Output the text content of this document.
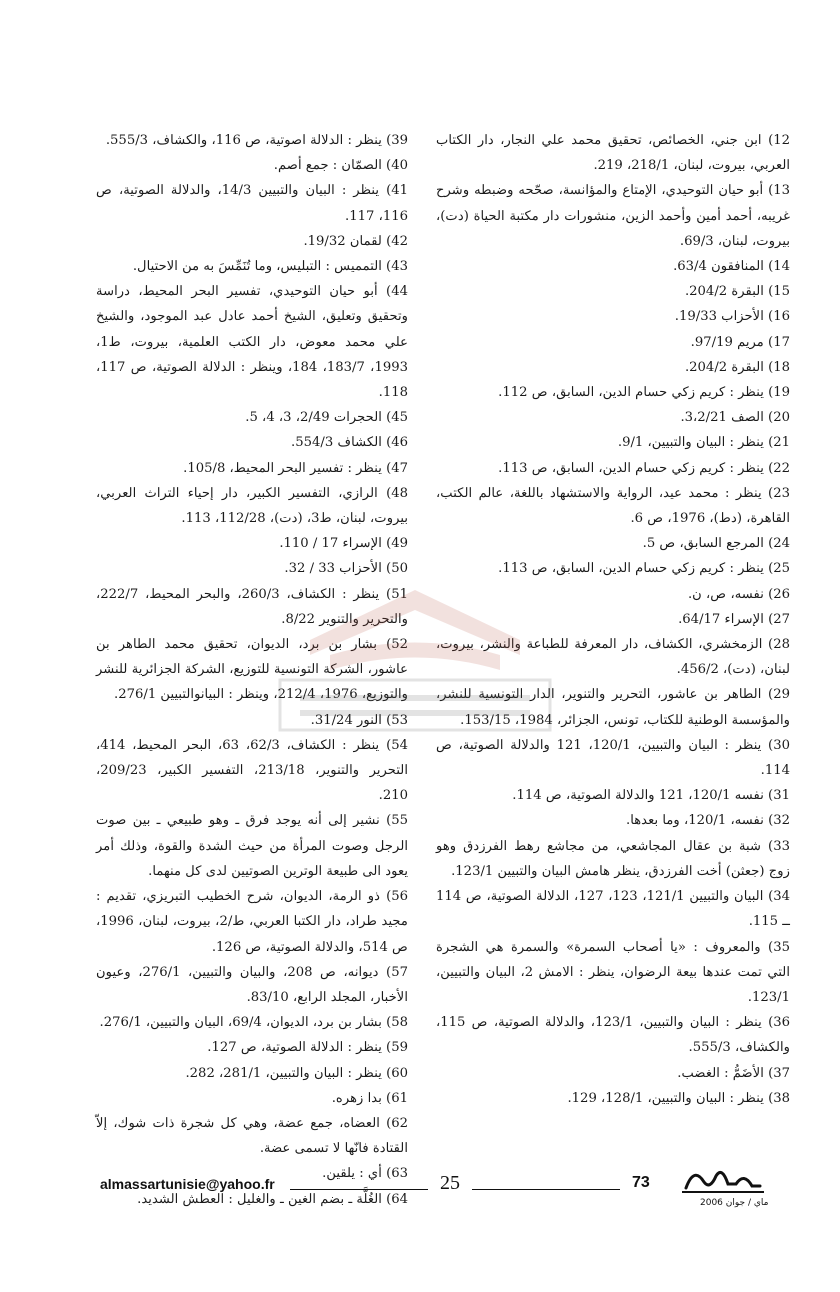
12) ابن جني، الخصائص، تحقيق محمد علي النجار، دار الكتاب العربي، بيروت، لبنان، 218/1، 219.

13) أبو حيان التوحيدي، الإمتاع والمؤانسة، صحّحه وضبطه وشرح غريبه، أحمد أمين وأحمد الزين، منشورات دار مكتبة الحياة (دت)، بيروت، لبنان، 69/3.

14) المنافقون 63/4.

15) البقرة 204/2.

16) الأحزاب 19/33.

17) مريم 97/19.

18) البقرة 204/2.

19) ينظر : كريم زكي حسام الدين، السابق، ص 112.

20) الصف 3،2/21.

21) ينظر : البيان والتبيين، 9/1.

22) ينظر : كريم زكي حسام الدين، السابق، ص 113.

23) ينظر : محمد عيد، الرواية والاستشهاد باللغة، عالم الكتب، القاهرة، (دط)، 1976، ص 6.

24) المرجع السابق، ص 5.

25) ينظر : كريم زكي حسام الدين، السابق، ص 113.

26) نفسه، ص، ن.

27) الإسراء 64/17.

28) الزمخشري، الكشاف، دار المعرفة للطباعة والنشر، بيروت، لبنان، (دت)، 456/2.

29) الطاهر بن عاشور، التحرير والتنوير، الدار التونسية للنشر، والمؤسسة الوطنية للكتاب، تونس، الجزائر، 1984، 153/15.

30) ينظر : البيان والتبيين، 120/1، 121 والدلالة الصوتية، ص 114.

31) نفسه 120/1، 121 والدلالة الصوتية، ص 114.

32) نفسه، 120/1، وما بعدها.

33) شبة بن عقال المجاشعي، من مجاشع رهط الفرزدق وهو زوج (جعثن) أخت الفرزدق، ينظر هامش البيان والتبيين 123/1.

34) البيان والتبيين 121/1، 123، 127، الدلالة الصوتية، ص 114 ــ 115.

35) والمعروف : «يا أصحاب السمرة» والسمرة هي الشجرة التي تمت عندها بيعة الرضوان، ينظر : الامش 2، البيان والتبيين، 123/1.

36) ينظر : البيان والتبيين، 123/1، والدلالة الصوتية، ص 115، والكشاف، 555/3.

37) الأضَمُّ : الغضب.

38) ينظر : البيان والتبيين، 128/1، 129.

39) ينظر : الدلالة اصوتية، ص 116، والكشاف، 555/3.

40) الصمّان : جمع أصم.

41) ينظر : البيان والتبيين 14/3، والدلالة الصوتية، ص 116، 117.

42) لقمان 19/32.

43) التمميس : التبليس، وما تُنَمِّسَ به من الاحتيال.

44) أبو حيان التوحيدي، تفسير البحر المحيط، دراسة وتحقيق وتعليق، الشيخ أحمد عادل عبد الموجود، والشيخ علي محمد معوض، دار الكتب العلمية، بيروت، ط1، 1993، 183/7، 184، وينظر : الدلالة الصوتية، ص 117، 118.

45) الحجرات 2/49، 3، 4، 5.

46) الكشاف 554/3.

47) ينظر : تفسير البحر المحيط، 105/8.

48) الرازي، التفسير الكبير، دار إحياء التراث العربي، بيروت، لبنان، ط3، (دت)، 112/28، 113.

49) الإسراء 17 / 110.

50) الأحزاب 33 / 32.

51) ينظر : الكشاف، 260/3، والبحر المحيط، 222/7، والتحرير والتنوير 8/22.

52) بشار بن برد، الديوان، تحقيق محمد الطاهر بن عاشور، الشركة التونسية للتوزيع، الشركة الجزائرية للنشر والتوزيع، 1976، 212/4، وينظر : البيانوالتبيين 276/1.

53) النور 31/24.

54) ينظر : الكشاف، 62/3، 63، البحر المحيط، 414، التحرير والتنوير، 213/18، التفسير الكبير، 209/23، 210.

55) نشير إلى أنه يوجد فرق ـ وهو طبيعي ـ بين صوت الرجل وصوت المرأة من حيث الشدة والقوة، وذلك أمر يعود الى طبيعة الوترين الصوتيين لدى كل منهما.

56) ذو الرمة، الديوان، شرح الخطيب التبريزي، تقديم : مجيد طراد، دار الكتبا العربي، ط/2، بيروت، لبنان، 1996، ص 514، والدلالة الصوتية، ص 126.

57) ديوانه، ص 208، والبيان والتبيين، 276/1، وعيون الأخبار، المجلد الرابع، 83/10.

58) بشار بن برد، الديوان، 69/4، البيان والتبيين، 276/1.

59) ينظر : الدلالة الصوتية، ص 127.

60) ينظر : البيان والتبيين، 281/1، 282.

61) بدا زهره.

62) العضاه، جمع عضة، وهي كل شجرة ذات شوك، إلاّ القتادة فانّها لا تسمى عضة.

63) أي : يلقين.

64) الغُلَّة ـ بضم الغين ـ والغليل : العطش الشديد.

almassartunisie@yahoo.fr	25	73
ماي / جوان 2006
